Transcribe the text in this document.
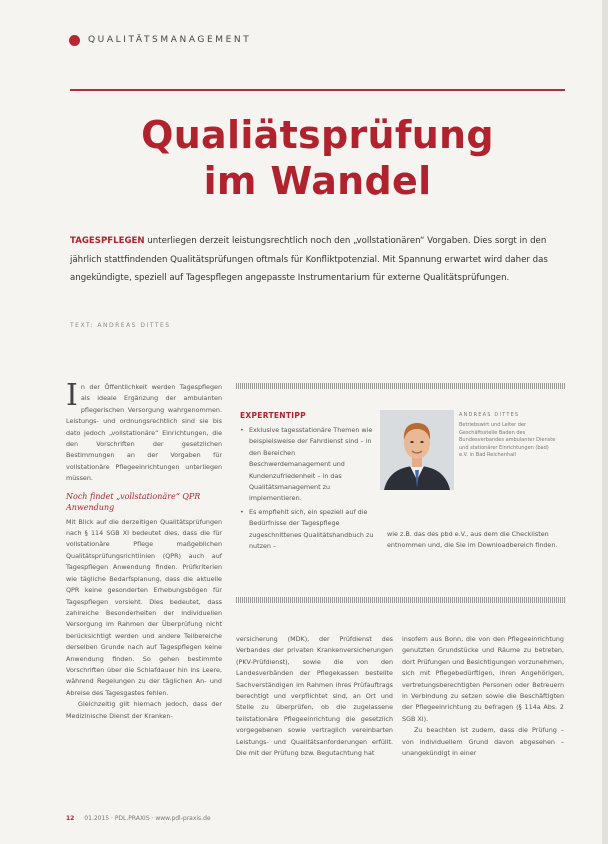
QUALITÄTSMANAGEMENT
Qualiätsprüfung
im Wandel
TAGESPFLEGEN unterliegen derzeit leistungsrechtlich noch den „vollstationären“ Vorgaben. Dies sorgt in den jährlich stattfindenden Qualitätsprüfungen oftmals für Konfliktpotenzial. Mit Spannung erwartet wird daher das angekündigte, speziell auf Tagespflegen angepasste Instrumentarium für externe Qualitätsprüfungen.
TEXT: ANDREAS DITTES
I n der Öffentlichkeit werden Tagespflegen als ideale Ergänzung der ambulanten pflegerischen Versorgung wahrgenommen. Leistungs- und ordnungsrechtlich sind sie bis dato jedoch „vollstationäre“ Einrichtungen, die den Vorschriften der gesetzlichen Bestimmungen an der Vorgaben für vollstationäre Pflegeeinrichtungen unterliegen müssen.

Noch findet „vollstationäre“ QPR Anwendung

Mit Blick auf die derzeitigen Qualitätsprüfungen nach § 114 SGB XI bedeutet dies, dass die für vollstationäre Pflege maßgeblichen Qualitätsprüfungsrichtlinien (QPR) auch auf Tagespflegen Anwendung finden. Prüfkriterien wie tägliche Bedarfsplanung, dass die aktuelle QPR keine gesonderten Erhebungsbögen für Tagespflegen vorsieht. Dies bedeutet, dass zahlreiche Besonderheiten der individuellen Versorgung im Rahmen der Überprüfung nicht berücksichtigt werden und andere Teilbereiche derselben Grunde nach auf Tagespflegen keine Anwendung finden. So gehen bestimmte Vorschriften über die Schlafdauer hin ins Leere, während Regelungen zu der täglichen An- und Abreise des Tagesgastes fehlen.

Gleichzeitig gilt hiernach jedoch, dass der Medizinische Dienst der Kranken-

EXPERTENTIPP
• Exklusive tagesstationäre Themen wie beispielsweise der Fahrdienst sind – in den Bereichen Beschwerdemanagement und Kundenzufriedenheit – in das Qualitätsmanagement zu implementieren.
• Es empfiehlt sich, ein speziell auf die Bedürfnisse der Tagespflege zugeschnittenes Qualitätshandbuch zu nutzen –
ANDREAS DITTES
Betriebswirt und Leiter der Geschäftsstelle Baden des Bundesverbandes ambulanter Dienste und stationärer Einrichtungen (bad) e.V. in Bad Reichenhall
wie z.B. das des pbd e.V., aus dem die Checklisten entnommen und, die Sie im Downloadbereich finden.

versicherung (MDK), der Prüfdienst des Verbandes der privaten Krankenversicherungen (PKV-Prüfdienst), sowie die von den Landesverbänden der Pflegekassen bestellte Sachverständigen im Rahmen ihres Prüfauftrags berechtigt und verpflichtet sind, an Ort und Stelle zu überprüfen, ob die zugelassene teilstationäre Pflegeeinrichtung die gesetzlich vorgegebenen sowie vertraglich vereinbarten Leistungs- und Qualitätsanforderungen erfüllt. Die mit der Prüfung bzw. Begutachtung hat

insofern aus Bonn, die von den Pflegeeinrichtung genutzten Grundstücke und Räume zu betreten, dort Prüfungen und Besichtigungen vorzunehmen, sich mit Pflegebedürftigen, ihren Angehörigen, vertretungsberechtigten Personen oder Betreuern in Verbindung zu setzen sowie die Beschäftigten der Pflegeeinrichtung zu befragen (§ 114a Abs. 2 SGB XI).

Zu beachten ist zudem, dass die Prüfung – von individuellem Grund davon abgesehen – unangekündigt in einer

12 01.2015 · PDL.PRAXIS · www.pdl-praxis.de
